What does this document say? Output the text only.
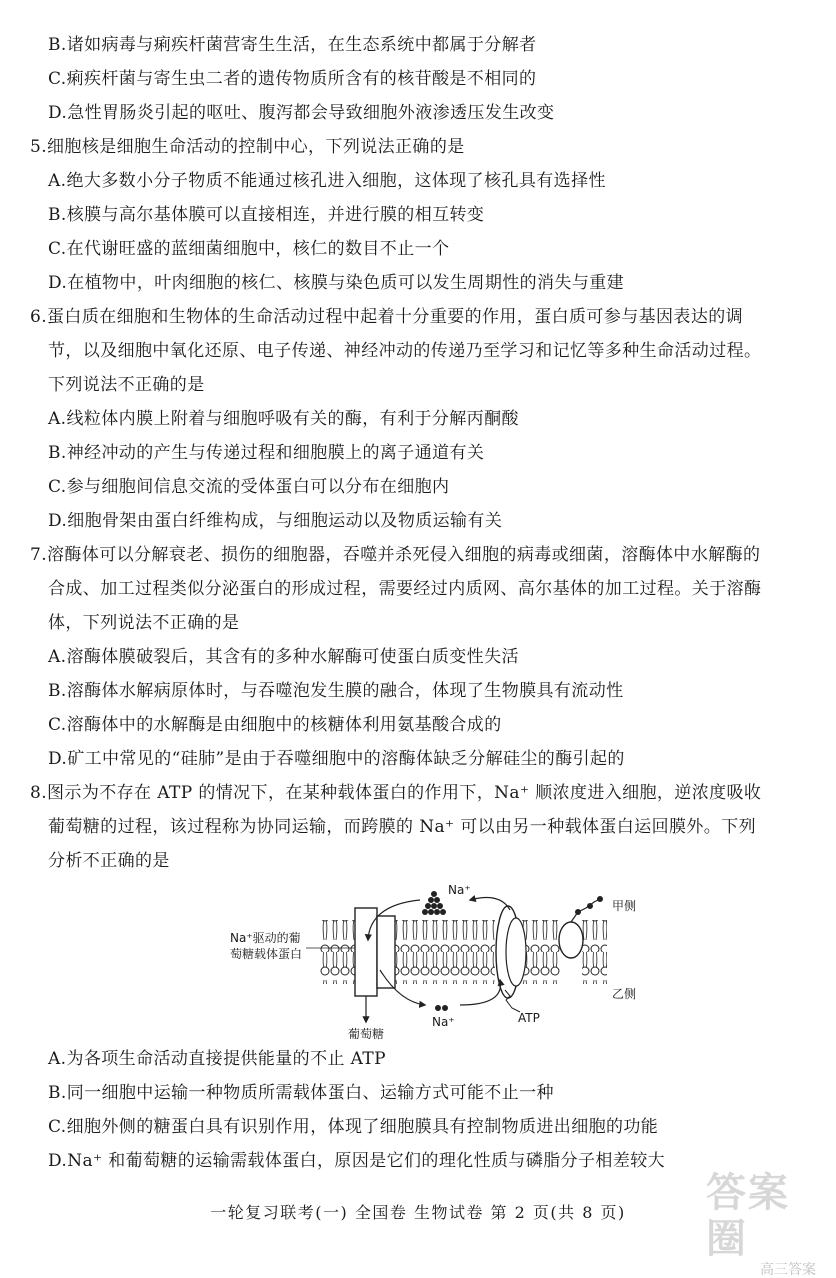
B.诸如病毒与痢疾杆菌营寄生生活，在生态系统中都属于分解者
C.痢疾杆菌与寄生虫二者的遗传物质所含有的核苷酸是不相同的
D.急性胃肠炎引起的呕吐、腹泻都会导致细胞外液渗透压发生改变
5.细胞核是细胞生命活动的控制中心，下列说法正确的是
A.绝大多数小分子物质不能通过核孔进入细胞，这体现了核孔具有选择性
B.核膜与高尔基体膜可以直接相连，并进行膜的相互转变
C.在代谢旺盛的蓝细菌细胞中，核仁的数目不止一个
D.在植物中，叶肉细胞的核仁、核膜与染色质可以发生周期性的消失与重建
6.蛋白质在细胞和生物体的生命活动过程中起着十分重要的作用，蛋白质可参与基因表达的调
节，以及细胞中氧化还原、电子传递、神经冲动的传递乃至学习和记忆等多种生命活动过程。
下列说法不正确的是
A.线粒体内膜上附着与细胞呼吸有关的酶，有利于分解丙酮酸
B.神经冲动的产生与传递过程和细胞膜上的离子通道有关
C.参与细胞间信息交流的受体蛋白可以分布在细胞内
D.细胞骨架由蛋白纤维构成，与细胞运动以及物质运输有关
7.溶酶体可以分解衰老、损伤的细胞器，吞噬并杀死侵入细胞的病毒或细菌，溶酶体中水解酶的
合成、加工过程类似分泌蛋白的形成过程，需要经过内质网、高尔基体的加工过程。关于溶酶
体，下列说法不正确的是
A.溶酶体膜破裂后，其含有的多种水解酶可使蛋白质变性失活
B.溶酶体水解病原体时，与吞噬泡发生膜的融合，体现了生物膜具有流动性
C.溶酶体中的水解酶是由细胞中的核糖体利用氨基酸合成的
D.矿工中常见的“硅肺”是由于吞噬细胞中的溶酶体缺乏分解硅尘的酶引起的
8.图示为不存在 ATP 的情况下，在某种载体蛋白的作用下，Na⁺ 顺浓度进入细胞，逆浓度吸收
葡萄糖的过程，该过程称为协同运输，而跨膜的 Na⁺ 可以由另一种载体蛋白运回膜外。下列
分析不正确的是
Na⁺驱动的葡
萄糖载体蛋白
Na⁺
Na⁺	ATP
葡萄糖
甲侧
乙侧
A.为各项生命活动直接提供能量的不止 ATP
B.同一细胞中运输一种物质所需载体蛋白、运输方式可能不止一种
C.细胞外侧的糖蛋白具有识别作用，体现了细胞膜具有控制物质进出细胞的功能
D.Na⁺ 和葡萄糖的运输需载体蛋白，原因是它们的理化性质与磷脂分子相差较大
一轮复习联考(一) 全国卷 生物试卷 第 2 页(共 8 页)	答案圈
高三答案
